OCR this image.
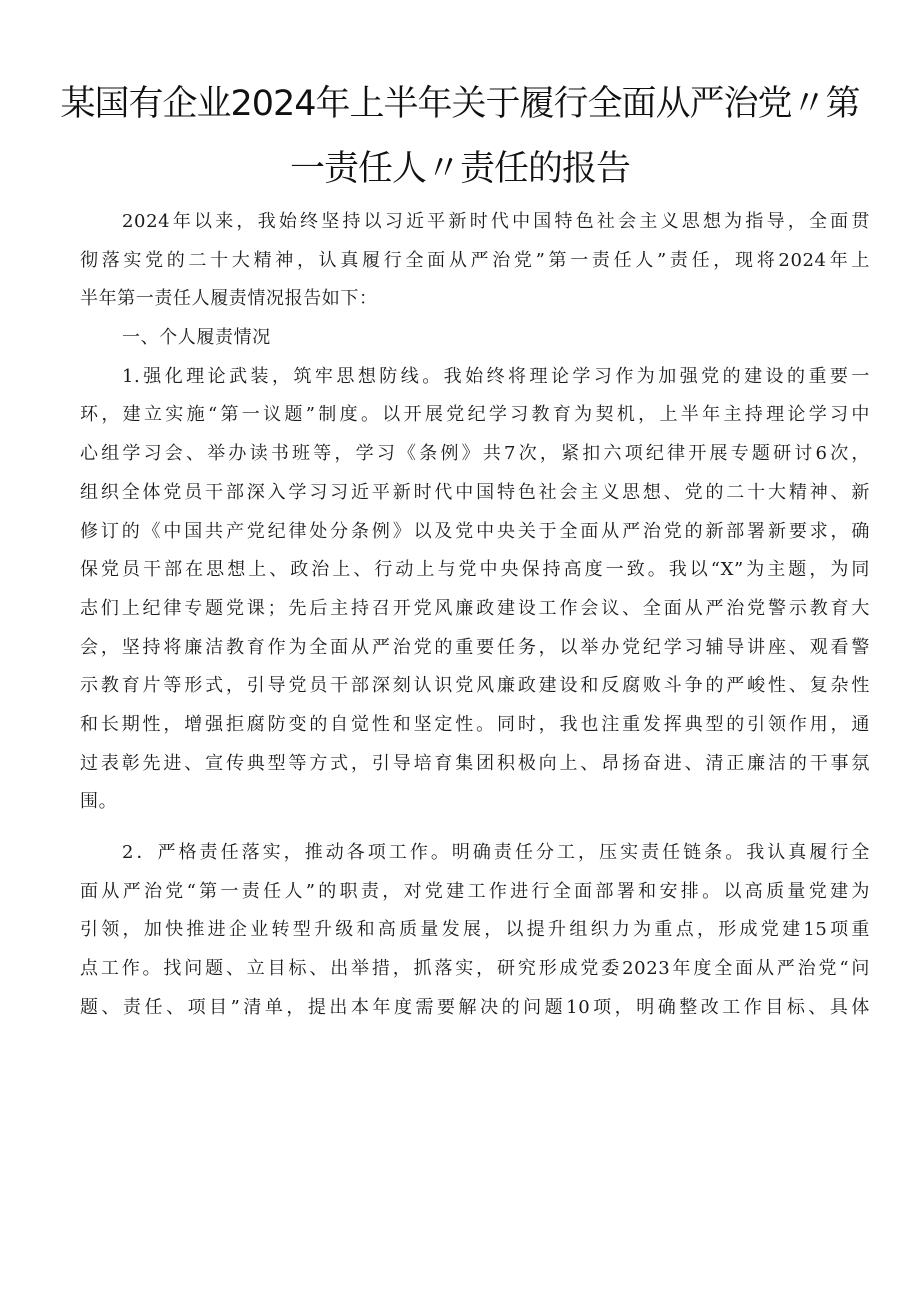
某国有企业2024年上半年关于履行全面从严治党〃第
一责任人〃责任的报告
2024年以来，我始终坚持以习近平新时代中国特色社会主义思想为指导，全面贯
彻落实党的二十大精神，认真履行全面从严治党”第一责任人”责任，现将2024年上
半年第一责任人履责情况报告如下：
一、个人履责情况
1.强化理论武装，筑牢思想防线。我始终将理论学习作为加强党的建设的重要一
环，建立实施“第一议题”制度。以开展党纪学习教育为契机，上半年主持理论学习中
心组学习会、举办读书班等，学习《条例》共7次，紧扣六项纪律开展专题研讨6次，
组织全体党员干部深入学习习近平新时代中国特色社会主义思想、党的二十大精神、新
修订的《中国共产党纪律处分条例》以及党中央关于全面从严治党的新部署新要求，确
保党员干部在思想上、政治上、行动上与党中央保持高度一致。我以“X”为主题，为同
志们上纪律专题党课；先后主持召开党风廉政建设工作会议、全面从严治党警示教育大
会，坚持将廉洁教育作为全面从严治党的重要任务，以举办党纪学习辅导讲座、观看警
示教育片等形式，引导党员干部深刻认识党风廉政建设和反腐败斗争的严峻性、复杂性
和长期性，增强拒腐防变的自觉性和坚定性。同时，我也注重发挥典型的引领作用，通
过表彰先进、宣传典型等方式，引导培育集团积极向上、昂扬奋进、清正廉洁的干事氛
围。
2．严格责任落实，推动各项工作。明确责任分工，压实责任链条。我认真履行全
面从严治党“第一责任人”的职责，对党建工作进行全面部署和安排。以高质量党建为
引领，加快推进企业转型升级和高质量发展，以提升组织力为重点，形成党建15项重
点工作。找问题、立目标、出举措，抓落实，研究形成党委2023年度全面从严治党“问
题、责任、项目”清单，提出本年度需要解决的问题10项，明确整改工作目标、具体
